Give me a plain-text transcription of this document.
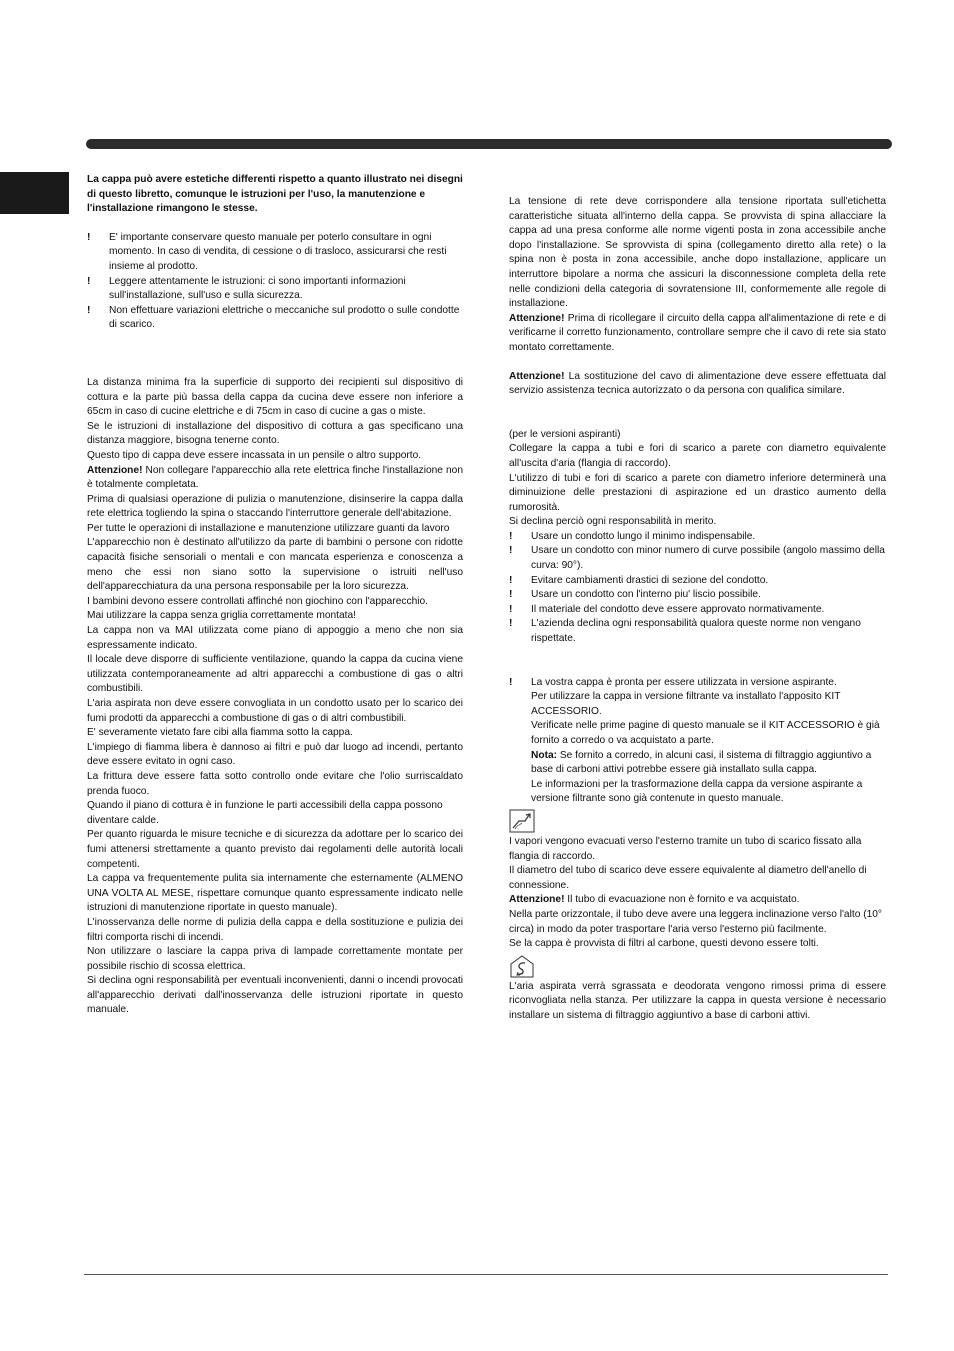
La cappa può avere estetiche differenti rispetto a quanto illustrato nei disegni di questo libretto, comunque le istruzioni per l'uso, la manutenzione e l'installazione rimangono le stesse.

!	E' importante conservare questo manuale per poterlo consultare in ogni momento. In caso di vendita, di cessione o di trasloco, assicurarsi che resti insieme al prodotto.
!	Leggere attentamente le istruzioni: ci sono importanti informazioni sull'installazione, sull'uso e sulla sicurezza.
!	Non effettuare variazioni elettriche o meccaniche sul prodotto o sulle condotte di scarico.

La distanza minima fra la superficie di supporto dei recipienti sul dispositivo di cottura e la parte più bassa della cappa da cucina deve essere non inferiore a 65cm in caso di cucine elettriche e di 75cm in caso di cucine a gas o miste.

Se le istruzioni di installazione del dispositivo di cottura a gas specificano una distanza maggiore, bisogna tenerne conto.

Questo tipo di cappa deve essere incassata in un pensile o altro supporto.

Attenzione! Non collegare l'apparecchio alla rete elettrica finche l'installazione non è totalmente completata.

Prima di qualsiasi operazione di pulizia o manutenzione, disinserire la cappa dalla rete elettrica togliendo la spina o staccando l'interruttore generale dell'abitazione.

Per tutte le operazioni di installazione e manutenzione utilizzare guanti da lavoro

L'apparecchio non è destinato all'utilizzo da parte di bambini o persone con ridotte capacità fisiche sensoriali o mentali e con mancata esperienza e conoscenza a meno che essi non siano sotto la supervisione o istruiti nell'uso dell'apparecchiatura da una persona responsabile per la loro sicurezza.

I bambini devono essere controllati affinché non giochino con l'apparecchio.

Mai utilizzare la cappa senza griglia correttamente montata!

La cappa non va MAI utilizzata come piano di appoggio a meno che non sia espressamente indicato.

Il locale deve disporre di sufficiente ventilazione, quando la cappa da cucina viene utilizzata contemporaneamente ad altri apparecchi a combustione di gas o altri combustibili.

L'aria aspirata non deve essere convogliata in un condotto usato per lo scarico dei fumi prodotti da apparecchi a combustione di gas o di altri combustibili.

E' severamente vietato fare cibi alla fiamma sotto la cappa.

L'impiego di fiamma libera è dannoso ai filtri e può dar luogo ad incendi, pertanto deve essere evitato in ogni caso.

La frittura deve essere fatta sotto controllo onde evitare che l'olio surriscaldato prenda fuoco.

Quando il piano di cottura è in funzione le parti accessibili della cappa possono diventare calde.

Per quanto riguarda le misure tecniche e di sicurezza da adottare per lo scarico dei fumi attenersi strettamente a quanto previsto dai regolamenti delle autorità locali competenti.

La cappa va frequentemente pulita sia internamente che esternamente (ALMENO UNA VOLTA AL MESE, rispettare comunque quanto espressamente indicato nelle istruzioni di manutenzione riportate in questo manuale).

L'inosservanza delle norme di pulizia della cappa e della sostituzione e pulizia dei filtri comporta rischi di incendi.

Non utilizzare o lasciare la cappa priva di lampade correttamente montate per possibile rischio di scossa elettrica.

Si declina ogni responsabilità per eventuali inconvenienti, danni o incendi provocati all'apparecchio derivati dall'inosservanza delle istruzioni riportate in questo manuale.

La tensione di rete deve corrispondere alla tensione riportata sull'etichetta caratteristiche situata all'interno della cappa. Se provvista di spina allacciare la cappa ad una presa conforme alle norme vigenti posta in zona accessibile anche dopo l'installazione. Se sprovvista di spina (collegamento diretto alla rete) o la spina non è posta in zona accessibile, anche dopo installazione, applicare un interruttore bipolare a norma che assicuri la disconnessione completa della rete nelle condizioni della categoria di sovratensione III, conformemente alle regole di installazione.

Attenzione! Prima di ricollegare il circuito della cappa all'alimentazione di rete e di verificarne il corretto funzionamento, controllare sempre che il cavo di rete sia stato montato correttamente.

Attenzione! La sostituzione del cavo di alimentazione deve essere effettuata dal servizio assistenza tecnica autorizzato o da persona con qualifica similare.

(per le versioni aspiranti)

Collegare la cappa a tubi e fori di scarico a parete con diametro equivalente all'uscita d'aria (flangia di raccordo).

L'utilizzo di tubi e fori di scarico a parete con diametro inferiore determinerà una diminuizione delle prestazioni di aspirazione ed un drastico aumento della rumorosità.

Si declina perciò ogni responsabilità in merito.

!	Usare un condotto lungo il minimo indispensabile.
!	Usare un condotto con minor numero di curve possibile (angolo massimo della curva: 90°).
!	Evitare cambiamenti drastici di sezione del condotto.
!	Usare un condotto con l'interno piu' liscio possibile.
!	Il materiale del condotto deve essere approvato normativamente.
!	L'azienda declina ogni responsabilità qualora queste norme non vengano rispettate.
!	La vostra cappa è pronta per essere utilizzata in versione aspirante.

Per utilizzare la cappa in versione filtrante va installato l'apposito KIT ACCESSORIO.

Verificate nelle prime pagine di questo manuale se il KIT ACCESSORIO è già fornito a corredo o va acquistato a parte.

Nota: Se fornito a corredo, in alcuni casi, il sistema di filtraggio aggiuntivo a base di carboni attivi potrebbe essere già installato sulla cappa.

Le informazioni per la trasformazione della cappa da versione aspirante a versione filtrante sono già contenute in questo manuale.

I vapori vengono evacuati verso l'esterno tramite un tubo di scarico fissato alla flangia di raccordo.

Il diametro del tubo di scarico deve essere equivalente al diametro dell'anello di connessione.

Attenzione! Il tubo di evacuazione non è fornito e va acquistato.

Nella parte orizzontale, il tubo deve avere una leggera inclinazione verso l'alto (10° circa) in modo da poter trasportare l'aria verso l'esterno più facilmente.

Se la cappa è provvista di filtri al carbone, questi devono essere tolti.

L'aria aspirata verrà sgrassata e deodorata vengono rimossi prima di essere riconvogliata nella stanza. Per utilizzare la cappa in questa versione è necessario installare un sistema di filtraggio aggiuntivo a base di carboni attivi.
